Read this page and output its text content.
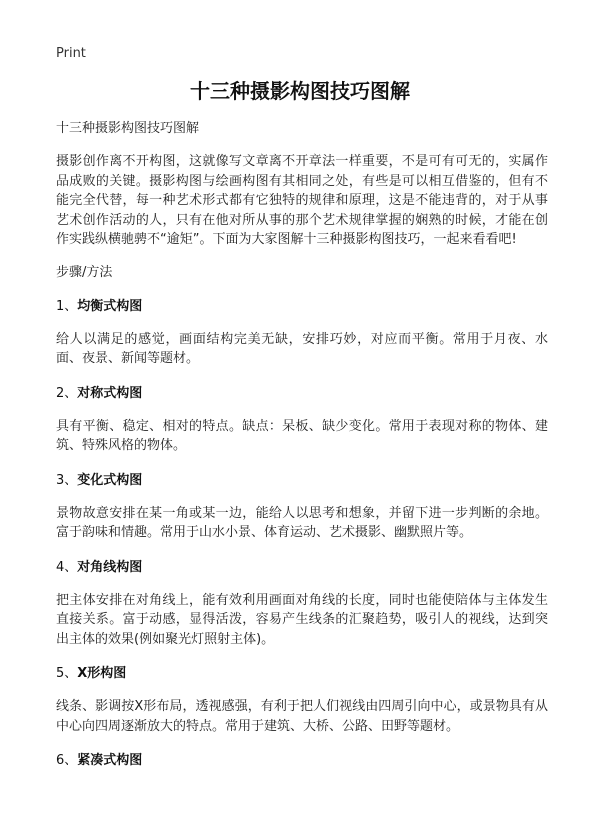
Print
十三种摄影构图技巧图解
十三种摄影构图技巧图解
摄影创作离不开构图，这就像写文章离不开章法一样重要，不是可有可无的，实属作品成败的关键。摄影构图与绘画构图有其相同之处，有些是可以相互借鉴的，但有不能完全代替，每一种艺术形式都有它独特的规律和原理，这是不能违背的，对于从事艺术创作活动的人，只有在他对所从事的那个艺术规律掌握的娴熟的时候，才能在创作实践纵横驰骋不“逾矩”。下面为大家图解十三种摄影构图技巧，一起来看看吧!
步骤/方法
1、均衡式构图
给人以满足的感觉，画面结构完美无缺，安排巧妙，对应而平衡。常用于月夜、水面、夜景、新闻等题材。
2、对称式构图
具有平衡、稳定、相对的特点。缺点：呆板、缺少变化。常用于表现对称的物体、建筑、特殊风格的物体。
3、变化式构图
景物故意安排在某一角或某一边，能给人以思考和想象，并留下进一步判断的余地。富于韵味和情趣。常用于山水小景、体育运动、艺术摄影、幽默照片等。
4、对角线构图
把主体安排在对角线上，能有效利用画面对角线的长度，同时也能使陪体与主体发生直接关系。富于动感，显得活泼，容易产生线条的汇聚趋势，吸引人的视线，达到突出主体的效果(例如聚光灯照射主体)。
5、X形构图
线条、影调按X形布局，透视感强，有利于把人们视线由四周引向中心，或景物具有从中心向四周逐渐放大的特点。常用于建筑、大桥、公路、田野等题材。
6、紧凑式构图
